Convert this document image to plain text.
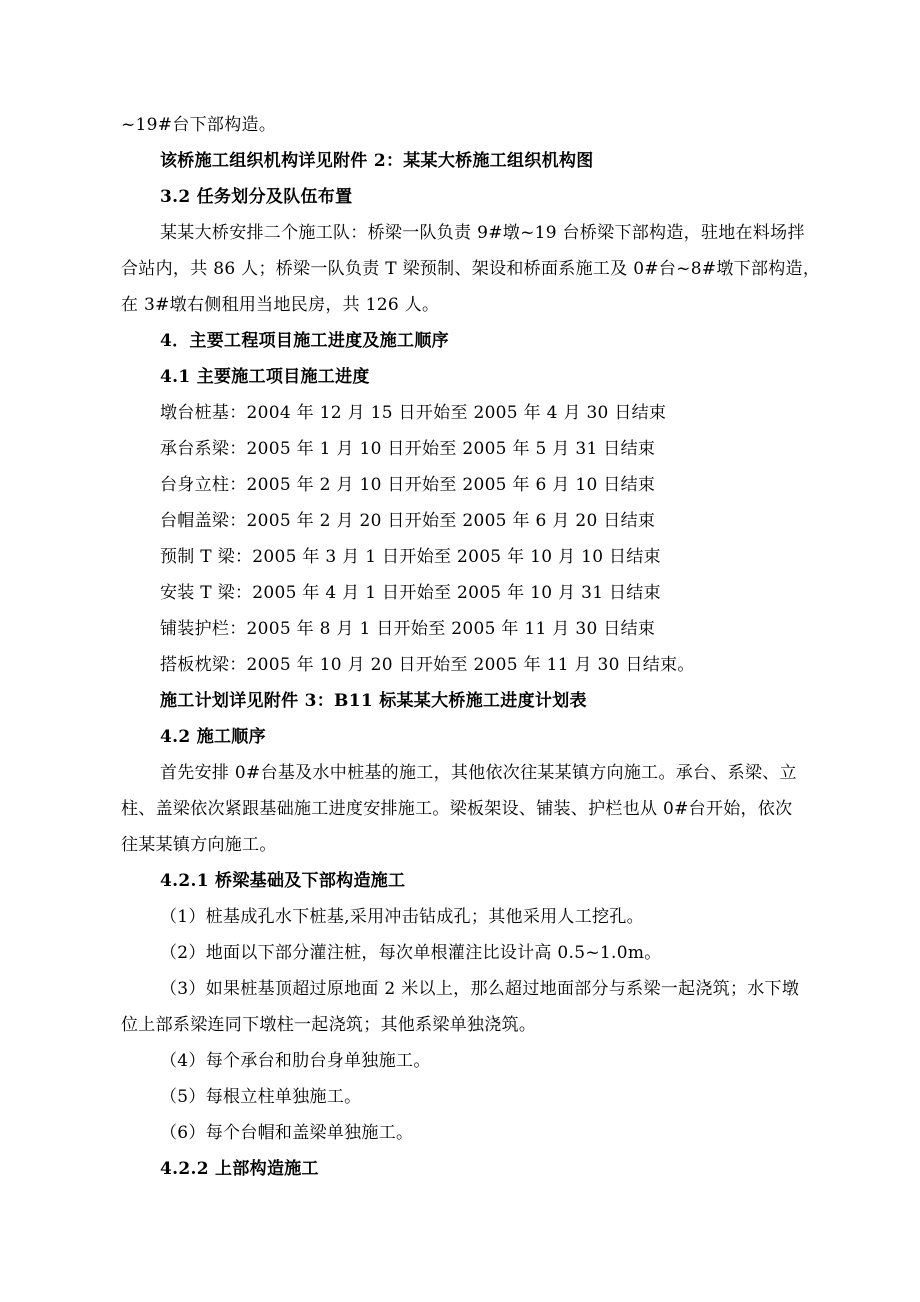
~19#台下部构造。
该桥施工组织机构详见附件 2：某某大桥施工组织机构图
3.2 任务划分及队伍布置
某某大桥安排二个施工队：桥梁一队负责 9#墩~19 台桥梁下部构造，驻地在料场拌
合站内，共 86 人；桥梁一队负责 T 梁预制、架设和桥面系施工及 0#台~8#墩下部构造，
在 3#墩右侧租用当地民房，共 126 人。
4．主要工程项目施工进度及施工顺序
4.1 主要施工项目施工进度
墩台桩基：2004 年 12 月 15 日开始至 2005 年 4 月 30 日结束
承台系梁：2005 年 1 月 10 日开始至 2005 年 5 月 31 日结束
台身立柱：2005 年 2 月 10 日开始至 2005 年 6 月 10 日结束
台帽盖梁：2005 年 2 月 20 日开始至 2005 年 6 月 20 日结束
预制 T 梁：2005 年 3 月 1 日开始至 2005 年 10 月 10 日结束
安装 T 梁：2005 年 4 月 1 日开始至 2005 年 10 月 31 日结束
铺装护栏：2005 年 8 月 1 日开始至 2005 年 11 月 30 日结束
搭板枕梁：2005 年 10 月 20 日开始至 2005 年 11 月 30 日结束。
施工计划详见附件 3：B11 标某某大桥施工进度计划表
4.2 施工顺序
首先安排 0#台基及水中桩基的施工，其他依次往某某镇方向施工。承台、系梁、立
柱、盖梁依次紧跟基础施工进度安排施工。梁板架设、铺装、护栏也从 0#台开始，依次
往某某镇方向施工。
4.2.1 桥梁基础及下部构造施工
（1）桩基成孔水下桩基,采用冲击钻成孔；其他采用人工挖孔。
（2）地面以下部分灌注桩，每次单根灌注比设计高 0.5~1.0m。
（3）如果桩基顶超过原地面 2 米以上，那么超过地面部分与系梁一起浇筑；水下墩
位上部系梁连同下墩柱一起浇筑；其他系梁单独浇筑。
（4）每个承台和肋台身单独施工。
（5）每根立柱单独施工。
（6）每个台帽和盖梁单独施工。
4.2.2 上部构造施工
